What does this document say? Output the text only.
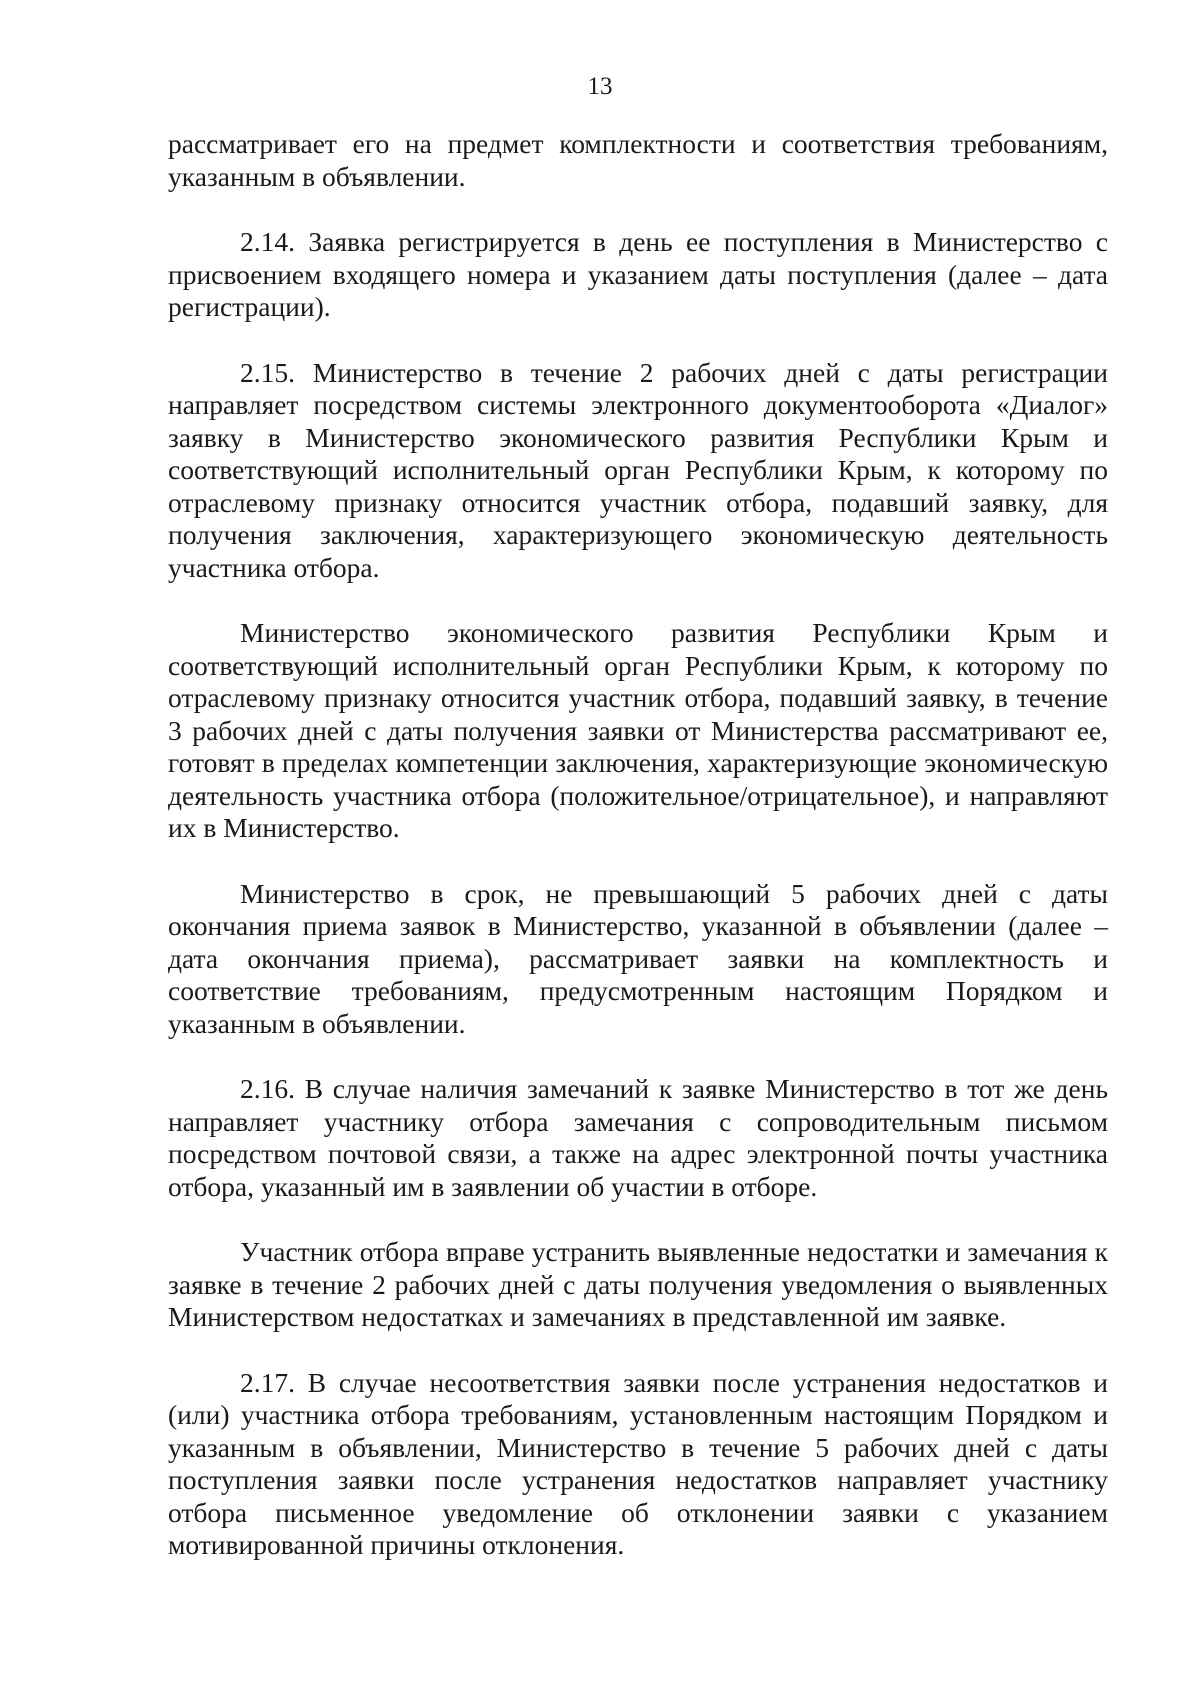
13

рассматривает его на предмет комплектности и соответствия требованиям, указанным в объявлении.

2.14. Заявка регистрируется в день ее поступления в Министерство с присвоением входящего номера и указанием даты поступления (далее – дата регистрации).

2.15. Министерство в течение 2 рабочих дней с даты регистрации направляет посредством системы электронного документооборота «Диалог» заявку в Министерство экономического развития Республики Крым и соответствующий исполнительный орган Республики Крым, к которому по отраслевому признаку относится участник отбора, подавший заявку, для получения заключения, характеризующего экономическую деятельность участника отбора.

Министерство экономического развития Республики Крым и соответствующий исполнительный орган Республики Крым, к которому по отраслевому признаку относится участник отбора, подавший заявку, в течение 3 рабочих дней с даты получения заявки от Министерства рассматривают ее, готовят в пределах компетенции заключения, характеризующие экономическую деятельность участника отбора (положительное/отрицательное), и направляют их в Министерство.

Министерство в срок, не превышающий 5 рабочих дней с даты окончания приема заявок в Министерство, указанной в объявлении (далее – дата окончания приема), рассматривает заявки на комплектность и соответствие требованиям, предусмотренным настоящим Порядком и указанным в объявлении.

2.16. В случае наличия замечаний к заявке Министерство в тот же день направляет участнику отбора замечания с сопроводительным письмом посредством почтовой связи, а также на адрес электронной почты участника отбора, указанный им в заявлении об участии в отборе.

Участник отбора вправе устранить выявленные недостатки и замечания к заявке в течение 2 рабочих дней с даты получения уведомления о выявленных Министерством недостатках и замечаниях в представленной им заявке.

2.17. В случае несоответствия заявки после устранения недостатков и (или) участника отбора требованиям, установленным настоящим Порядком и указанным в объявлении, Министерство в течение 5 рабочих дней с даты поступления заявки после устранения недостатков направляет участнику отбора письменное уведомление об отклонении заявки с указанием мотивированной причины отклонения.
